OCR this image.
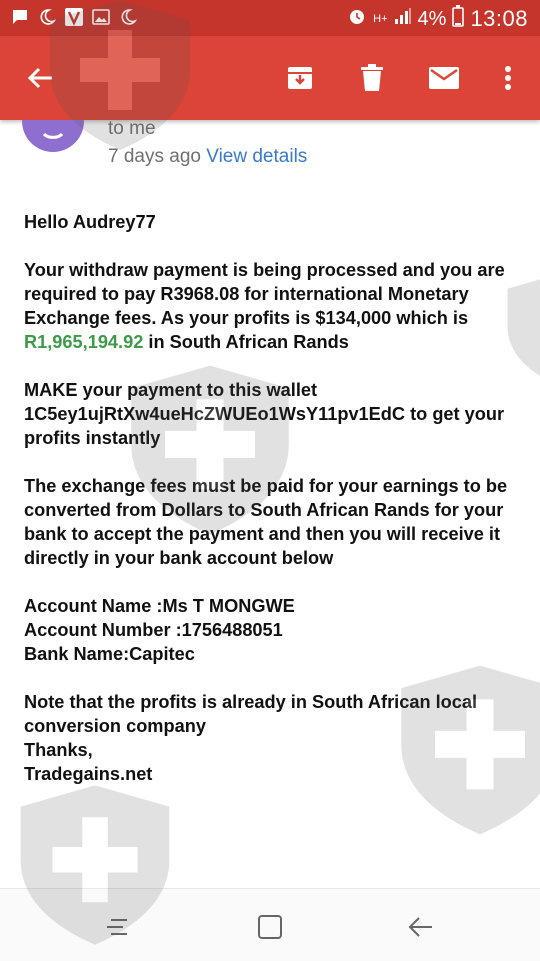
H+ 4% 13:08
to me
7 days ago View details

Hello Audrey77

Your withdraw payment is being processed and you are required to pay R3968.08 for international Monetary Exchange fees. As your profits is $134,000 which is R1,965,194.92 in South African Rands

MAKE your payment to this wallet 1C5ey1ujRtXw4ueHcZWUEo1WsY11pv1EdC to get your profits instantly

The exchange fees must be paid for your earnings to be converted from Dollars to South African Rands for your bank to accept the payment and then you will receive it directly in your bank account below

Account Name :Ms T MONGWE

Account Number :1756488051

Bank Name:Capitec

Note that the profits is already in South African local conversion company

Thanks,

Tradegains.net
